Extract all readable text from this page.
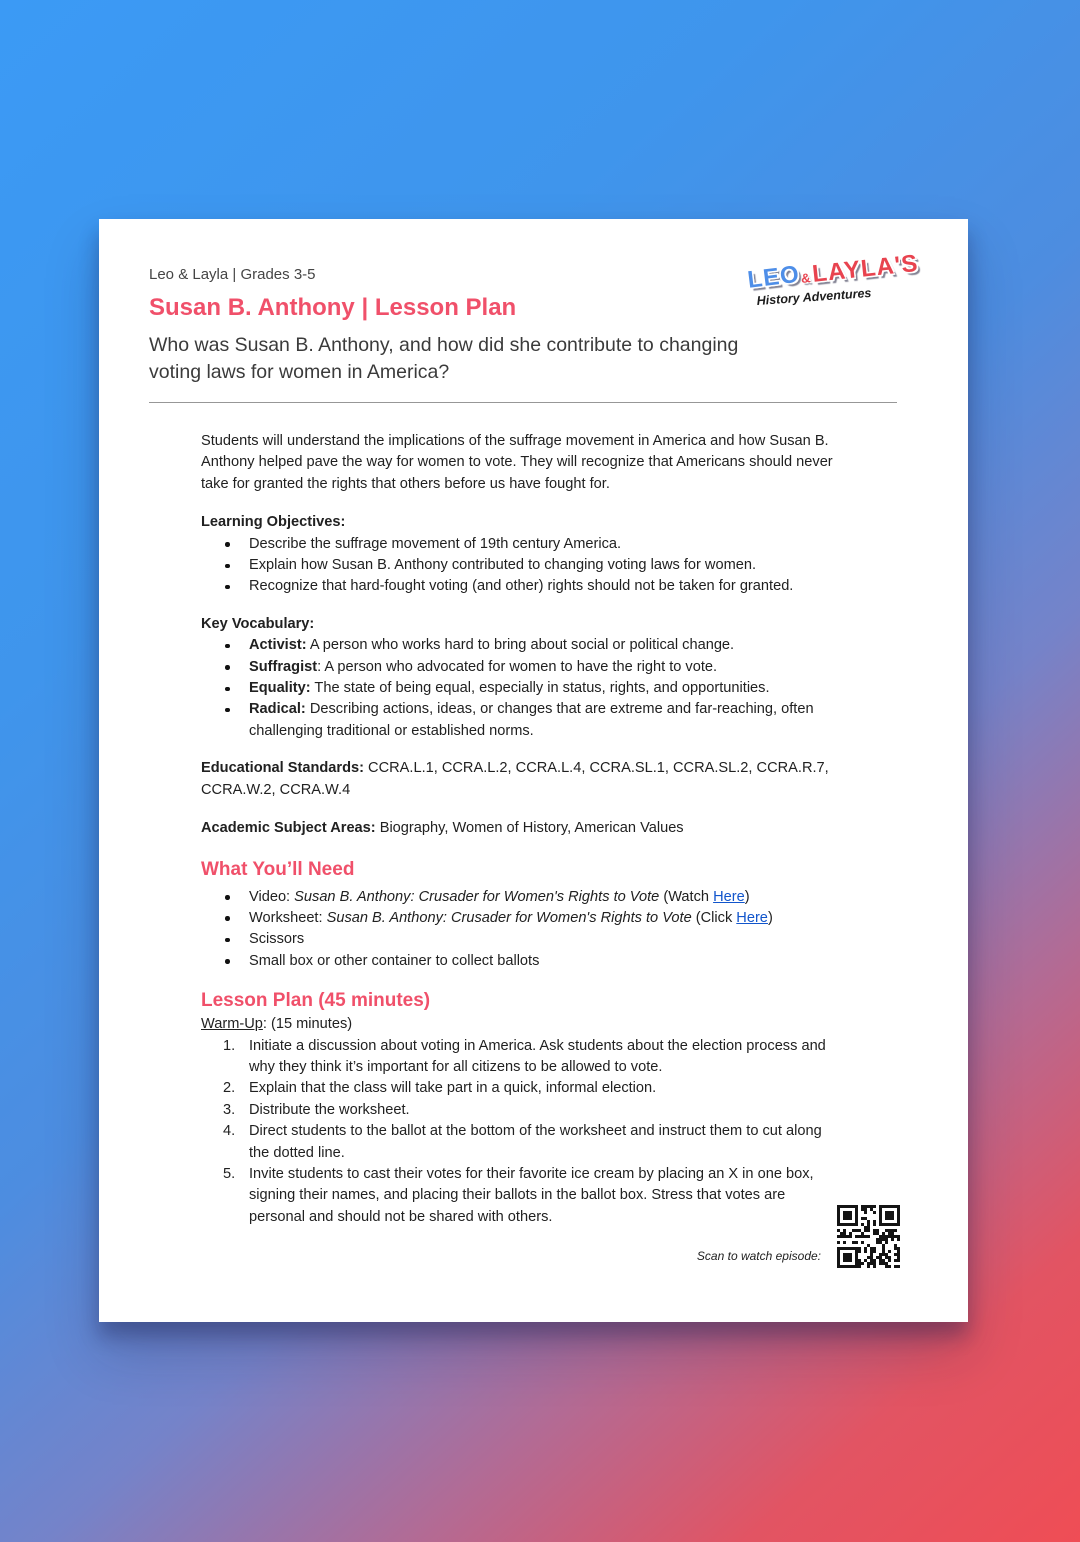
LEO&LAYLA'S
History Adventures
Leo & Layla | Grades 3-5
Susan B. Anthony | Lesson Plan
Who was Susan B. Anthony, and how did she contribute to changing voting laws for women in America?

Students will understand the implications of the suffrage movement in America and how Susan B. Anthony helped pave the way for women to vote. They will recognize that Americans should never take for granted the rights that others before us have fought for.

Learning Objectives:
Describe the suffrage movement of 19th century America.
Explain how Susan B. Anthony contributed to changing voting laws for women.
Recognize that hard-fought voting (and other) rights should not be taken for granted.
Key Vocabulary:
Activist: A person who works hard to bring about social or political change.
Suffragist: A person who advocated for women to have the right to vote.
Equality: The state of being equal, especially in status, rights, and opportunities.
Radical: Describing actions, ideas, or changes that are extreme and far-reaching, often challenging traditional or established norms.

Educational Standards: CCRA.L.1, CCRA.L.2, CCRA.L.4, CCRA.SL.1, CCRA.SL.2, CCRA.R.7, CCRA.W.2, CCRA.W.4

Academic Subject Areas: Biography, Women of History, American Values

What You’ll Need
Video: Susan B. Anthony: Crusader for Women's Rights to Vote (Watch Here)
Worksheet: Susan B. Anthony: Crusader for Women's Rights to Vote (Click Here)
Scissors
Small box or other container to collect ballots
Lesson Plan (45 minutes)

Warm-Up: (15 minutes)

Initiate a discussion about voting in America. Ask students about the election process and why they think it’s important for all citizens to be allowed to vote.
Explain that the class will take part in a quick, informal election.
Distribute the worksheet.
Direct students to the ballot at the bottom of the worksheet and instruct them to cut along the dotted line.
Invite students to cast their votes for their favorite ice cream by placing an X in one box, signing their names, and placing their ballots in the ballot box. Stress that votes are personal and should not be shared with others.
Scan to watch episode:
